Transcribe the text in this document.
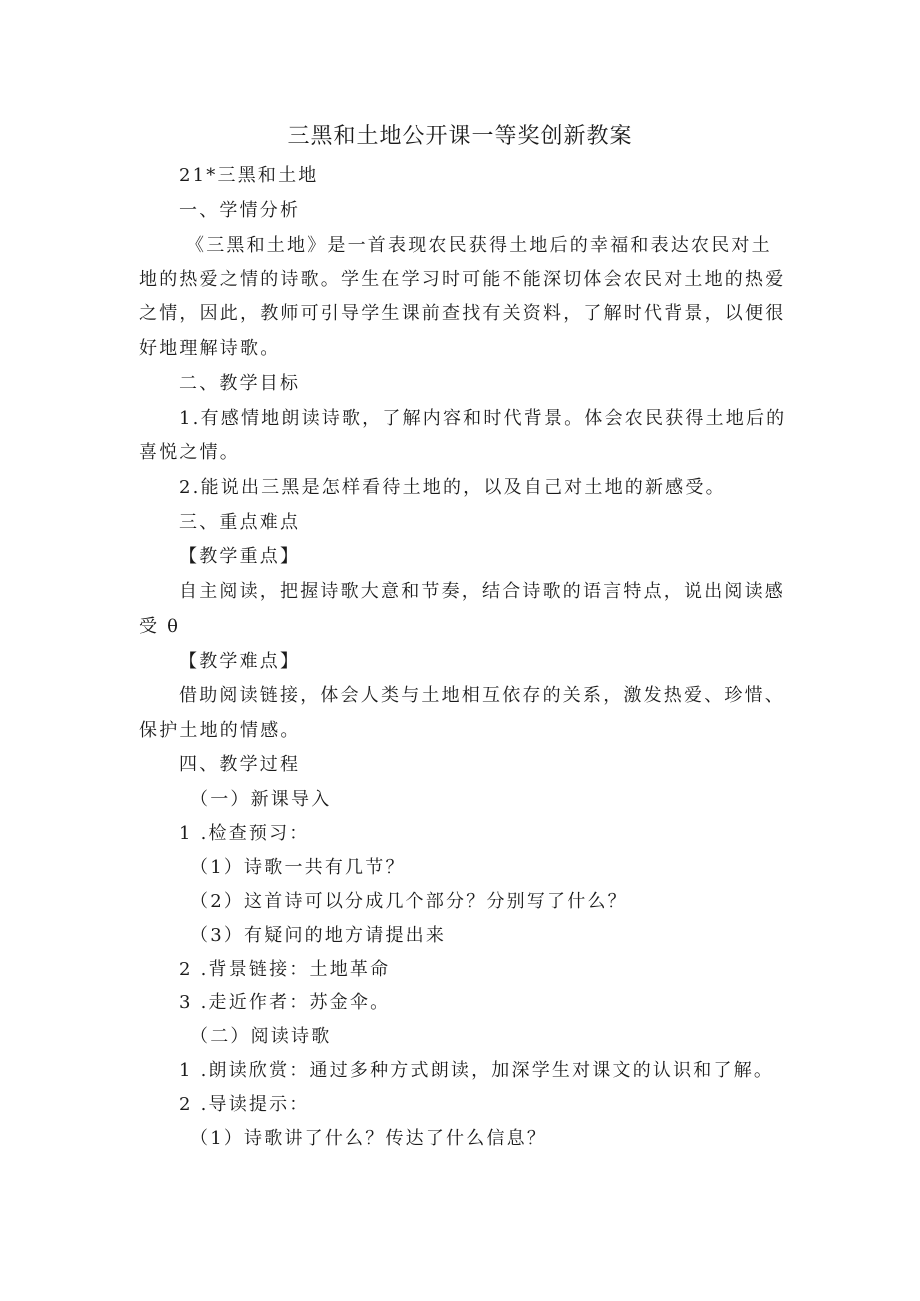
三黑和土地公开课一等奖创新教案

21*三黑和土地

一、学情分析

《三黑和土地》是一首表现农民获得土地后的幸福和表达农民对土

地的热爱之情的诗歌。学生在学习时可能不能深切体会农民对土地的热爱

之情，因此，教师可引导学生课前查找有关资料，了解时代背景，以便很

好地理解诗歌。

二、教学目标

1.有感情地朗读诗歌，了解内容和时代背景。体会农民获得土地后的

喜悦之情。

2.能说出三黑是怎样看待土地的，以及自己对土地的新感受。

三、重点难点

【教学重点】

自主阅读，把握诗歌大意和节奏，结合诗歌的语言特点，说出阅读感

受 θ

【教学难点】

借助阅读链接，体会人类与土地相互依存的关系，激发热爱、珍惜、

保护土地的情感。

四、教学过程

（一）新课导入

1 .检查预习：

（1）诗歌一共有几节？

（2）这首诗可以分成几个部分？分别写了什么？

（3）有疑问的地方请提出来

2 .背景链接：土地革命

3 .走近作者：苏金伞。

（二）阅读诗歌

1 .朗读欣赏：通过多种方式朗读，加深学生对课文的认识和了解。

2 .导读提示：

（1）诗歌讲了什么？传达了什么信息？
